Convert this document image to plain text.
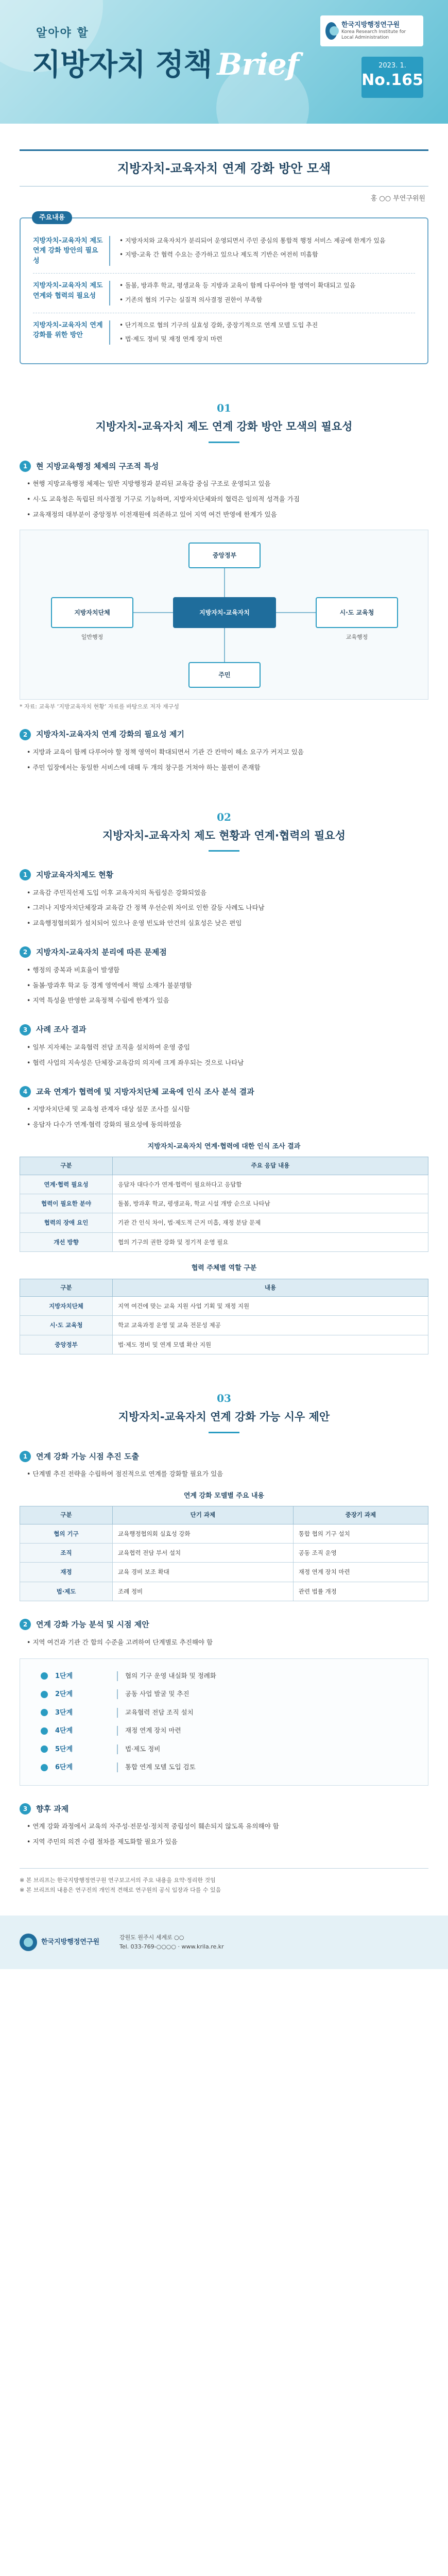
알아야 할
지방자치 정책 Brief
한국지방행정연구원
Korea Research Institute for Local Administration
2023. 1.
No.165
지방자치-교육자치 연계 강화 방안 모색
홍 ○○ 부연구위원
주요내용
지방자치-교육자치 제도 연계 강화 방안의 필요성

• 지방자치와 교육자치가 분리되어 운영되면서 주민 중심의 통합적 행정 서비스 제공에 한계가 있음

• 지방-교육 간 협력 수요는 증가하고 있으나 제도적 기반은 여전히 미흡함

지방자치-교육자치 제도 연계와 협력의 필요성

• 돌봄, 방과후 학교, 평생교육 등 지방과 교육이 함께 다루어야 할 영역이 확대되고 있음

• 기존의 협의 기구는 실질적 의사결정 권한이 부족함

지방자치-교육자치 연계 강화를 위한 방안

• 단기적으로 협의 기구의 실효성 강화, 중장기적으로 연계 모델 도입 추진

• 법·제도 정비 및 재정 연계 장치 마련

01
지방자치-교육자치 제도 연계 강화 방안 모색의 필요성
1	현 지방교육행정 체제의 구조적 특성

• 현행 지방교육행정 체제는 일반 지방행정과 분리된 교육감 중심 구조로 운영되고 있음

• 시·도 교육청은 독립된 의사결정 기구로 기능하며, 지방자치단체와의 협력은 임의적 성격을 가짐

• 교육재정의 대부분이 중앙정부 이전재원에 의존하고 있어 지역 여건 반영에 한계가 있음

지방자치-교육자치
지방자치단체	시·도 교육청
중앙정부
주민
일반행정	교육행정
* 자료: 교육부 ‘지방교육자치 현황’ 자료를 바탕으로 저자 재구성
2	지방자치-교육자치 연계 강화의 필요성 제기

• 지방과 교육이 함께 다루어야 할 정책 영역이 확대되면서 기관 간 칸막이 해소 요구가 커지고 있음

• 주민 입장에서는 동일한 서비스에 대해 두 개의 창구를 거쳐야 하는 불편이 존재함

02
지방자치-교육자치 제도 현황과 연계·협력의 필요성
1	지방교육자치제도 현황

• 교육감 주민직선제 도입 이후 교육자치의 독립성은 강화되었음

• 그러나 지방자치단체장과 교육감 간 정책 우선순위 차이로 인한 갈등 사례도 나타남

• 교육행정협의회가 설치되어 있으나 운영 빈도와 안건의 실효성은 낮은 편임

2	지방자치-교육자치 분리에 따른 문제점

• 행정의 중복과 비효율이 발생함

• 돌봄·방과후 학교 등 경계 영역에서 책임 소재가 불분명함

• 지역 특성을 반영한 교육정책 수립에 한계가 있음

3	사례 조사 결과

• 일부 지자체는 교육협력 전담 조직을 설치하여 운영 중임

• 협력 사업의 지속성은 단체장·교육감의 의지에 크게 좌우되는 것으로 나타남

4	교육 연계가 협력에 및 지방자치단체 교육에 인식 조사 분석 결과

• 지방자치단체 및 교육청 관계자 대상 설문 조사를 실시함

• 응답자 다수가 연계·협력 강화의 필요성에 동의하였음

지방자치-교육자치 연계·협력에 대한 인식 조사 결과
구분	주요 응답 내용
연계·협력 필요성	응답자 대다수가 연계·협력이 필요하다고 응답함
협력이 필요한 분야	돌봄, 방과후 학교, 평생교육, 학교 시설 개방 순으로 나타남
협력의 장애 요인	기관 간 인식 차이, 법·제도적 근거 미흡, 재정 분담 문제
개선 방향	협의 기구의 권한 강화 및 정기적 운영 필요
협력 주체별 역할 구분
구분	내용
지방자치단체	지역 여건에 맞는 교육 지원 사업 기획 및 재정 지원
시·도 교육청	학교 교육과정 운영 및 교육 전문성 제공
중앙정부	법·제도 정비 및 연계 모델 확산 지원
03
지방자치-교육자치 연계 강화 가능 시우 제안
1	연계 강화 가능 시점 추진 도출

• 단계별 추진 전략을 수립하여 점진적으로 연계를 강화할 필요가 있음

연계 강화 모델별 주요 내용
구분	단기 과제	중장기 과제
협의 기구	교육행정협의회 실효성 강화	통합 협의 기구 설치
조직	교육협력 전담 부서 설치	공동 조직 운영
재정	교육 경비 보조 확대	재정 연계 장치 마련
법·제도	조례 정비	관련 법률 개정
2	연계 강화 가능 분석 및 시점 제안

• 지역 여건과 기관 간 합의 수준을 고려하여 단계별로 추진해야 함

1단계	협의 기구 운영 내실화 및 정례화
2단계	공동 사업 발굴 및 추진
3단계	교육협력 전담 조직 설치
4단계	재정 연계 장치 마련
5단계	법·제도 정비
6단계	통합 연계 모델 도입 검토
3	향후 과제

• 연계 강화 과정에서 교육의 자주성·전문성·정치적 중립성이 훼손되지 않도록 유의해야 함

• 지역 주민의 의견 수렴 절차를 제도화할 필요가 있음

※ 본 브리프는 한국지방행정연구원 연구보고서의 주요 내용을 요약·정리한 것임

※ 본 브리프의 내용은 연구진의 개인적 견해로 연구원의 공식 입장과 다를 수 있음

한국지방행정연구원
강원도 원주시 세계로 ○○
Tel. 033-769-○○○○ · www.krila.re.kr
